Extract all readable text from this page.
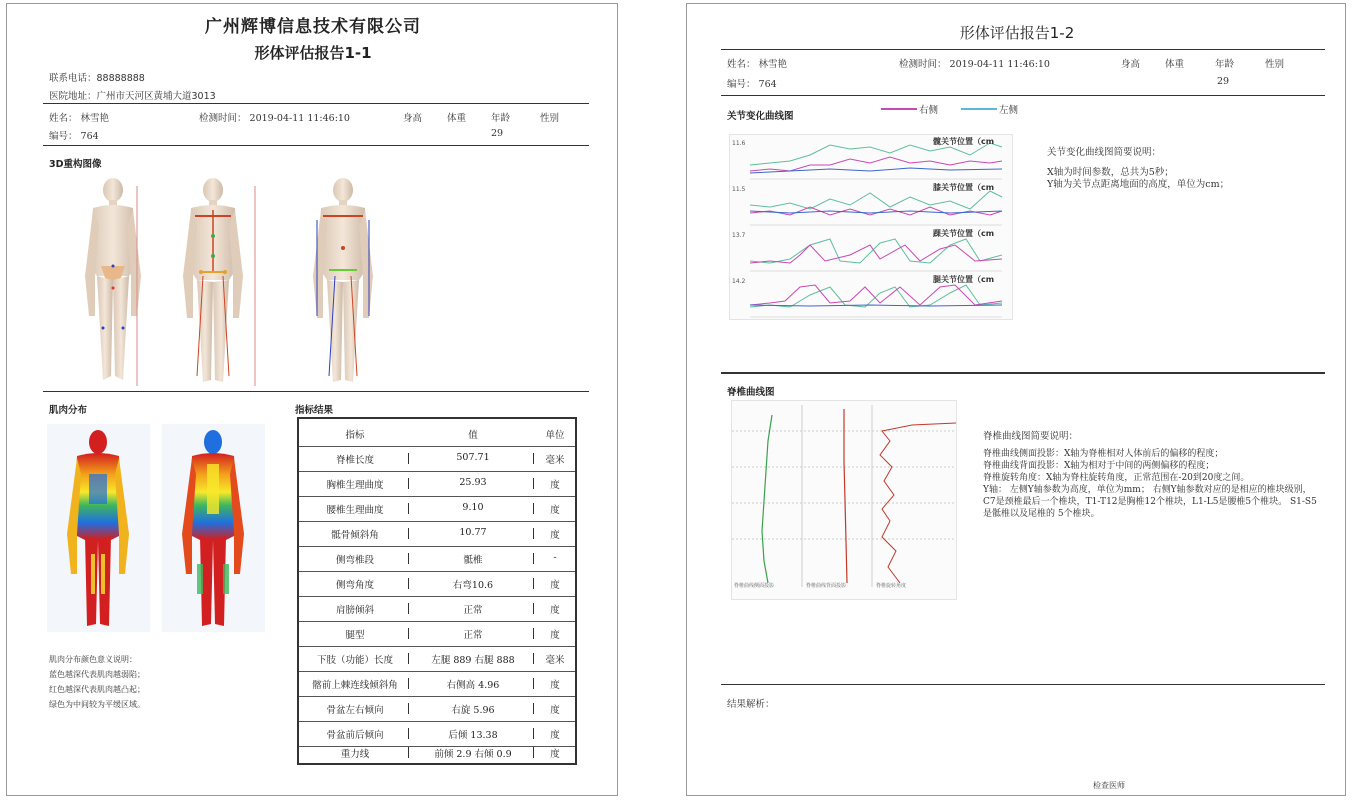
广州辉博信息技术有限公司
形体评估报告1-1
联系电话：88888888
医院地址：广州市天河区黄埔大道3013
姓名： 林雪艳	检测时间： 2019-04-11 11:46:10	身高	体重	年龄	性别
编号： 764	29
3D重构图像
肌肉分布	指标结果
肌肉分布颜色意义说明：
蓝色越深代表肌肉越弱陷；
红色越深代表肌肉越凸起；
绿色为中间较为平缓区域。
指标	值	单位
脊椎长度	507.71	毫米
胸椎生理曲度	25.93	度
腰椎生理曲度	9.10	度
骶骨倾斜角	10.77	度
侧弯椎段	骶椎	-
侧弯角度	右弯10.6	度
肩膀倾斜	正常	度
腿型	正常	度
下肢（功能）长度	左腿 889 右腿 888	毫米
髂前上棘连线倾斜角	右侧高 4.96	度
骨盆左右倾向	右旋 5.96	度
骨盆前后倾向	后倾 13.38	度
重力线	前倾 2.9 右倾 0.9	度
形体评估报告1-2
姓名： 林雪艳	检测时间： 2019-04-11 11:46:10	身高	体重	年龄	性别
编号： 764	29
关节变化曲线图
右侧	左侧
11.6
11.5
13.7
14.2
髋关节位置（cm
膝关节位置（cm
踝关节位置（cm
腿关节位置（cm
关节变化曲线图简要说明：
X轴为时间参数，总共为5秒；
Y轴为关节点距离地面的高度，单位为cm；
脊椎曲线图
脊椎曲线侧面投影	脊椎曲线背面投影	脊椎旋转角度
脊椎曲线图简要说明：
脊椎曲线侧面投影：X轴为脊椎相对人体前后的偏移的程度；
脊椎曲线背面投影：X轴为相对于中间的两侧偏移的程度；
脊椎旋转角度：X轴为脊柱旋转角度，正常范围在-20到20度之间。
Y轴： 左侧Y轴参数为高度，单位为mm； 右侧Y轴参数对应的是相应的椎块级别， C7是颈椎最后一个椎块，T1-T12是胸椎12个椎块，L1-L5是腰椎5个椎块。 S1-S5是骶椎以及尾椎的 5个椎块。
结果解析：
检查医师
